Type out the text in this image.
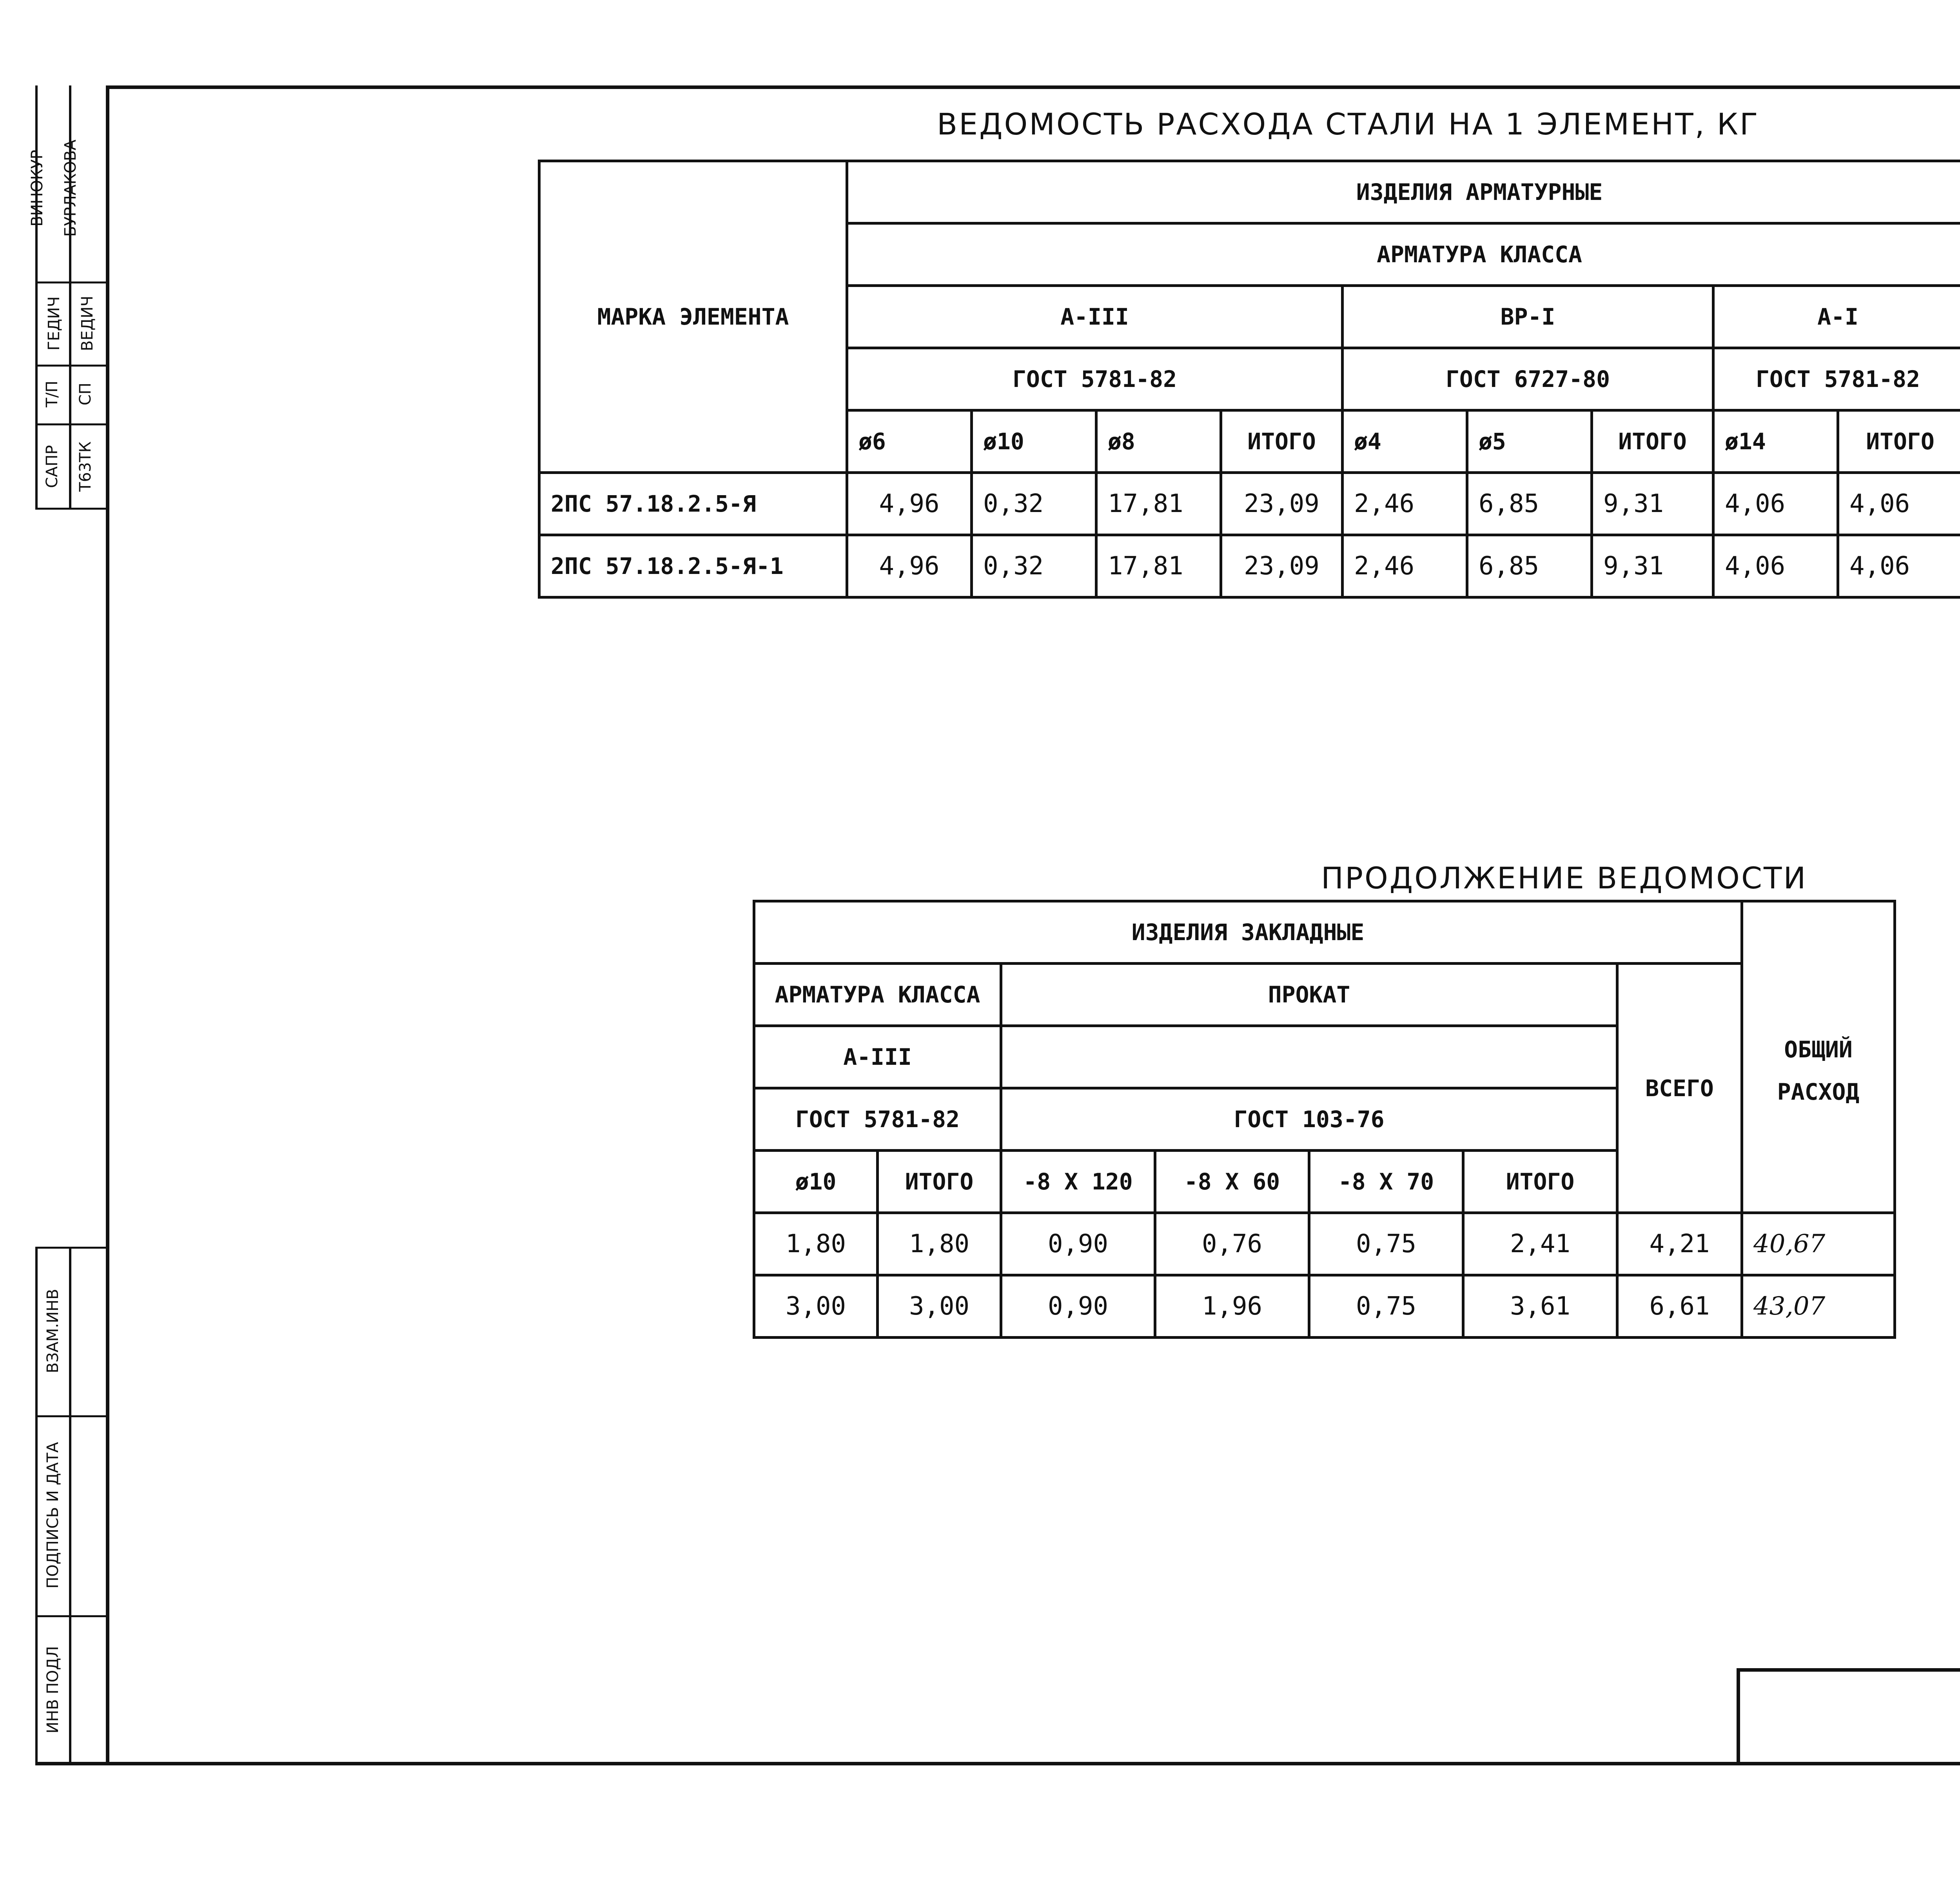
ВИНОКУР БУРЛАКОВА
ГЕДИЧ ВЕДИЧ
Т/П СП
САПР Т63ТК
ВЗАМ.ИНВ
ПОДПИСЬ И ДАТА
ИНВ ПОДЛ
ВЕДОМОСТЬ РАСХОДА СТАЛИ НА 1 ЭЛЕМЕНТ, КГ
МАРКА ЭЛЕМЕНТА	ИЗДЕЛИЯ АРМАТУРНЫЕ									
	АРМАТУРА КЛАССА									
	А-III				ВР-I			А-I	
	ГОСТ 5781-82				ГОСТ 6727-80			ГОСТ 5781-82		
	ø6	ø10	ø8	ИТОГО	ø4	ø5	ИТОГО	ø14	ИТОГО	
2ПС 57.18.2.5-Я	4,96	0,32	17,81	23,09	2,46	6,85	9,31	4,06	4,06	
2ПС 57.18.2.5-Я-1	4,96	0,32	17,81	23,09	2,46	6,85	9,31	4,06	4,06	
ПРОДОЛЖЕНИЕ ВЕДОМОСТИ
ИЗДЕЛИЯ ЗАКЛАДНЫЕ							ОБЩИЙ
РАСХОД

АРМАТУРА КЛАССА		ПРОКАТ				ВСЕГО	
А-III							
ГОСТ 5781-82		ГОСТ 103-76					
ø10	ИТОГО	-8 Х 120	-8 Х 60	-8 Х 70	ИТОГО		
1,80	1,80	0,90	0,76	0,75	2,41	4,21	40,67
3,00	3,00	0,90	1,96	0,75	3,61	6,61	43,07
